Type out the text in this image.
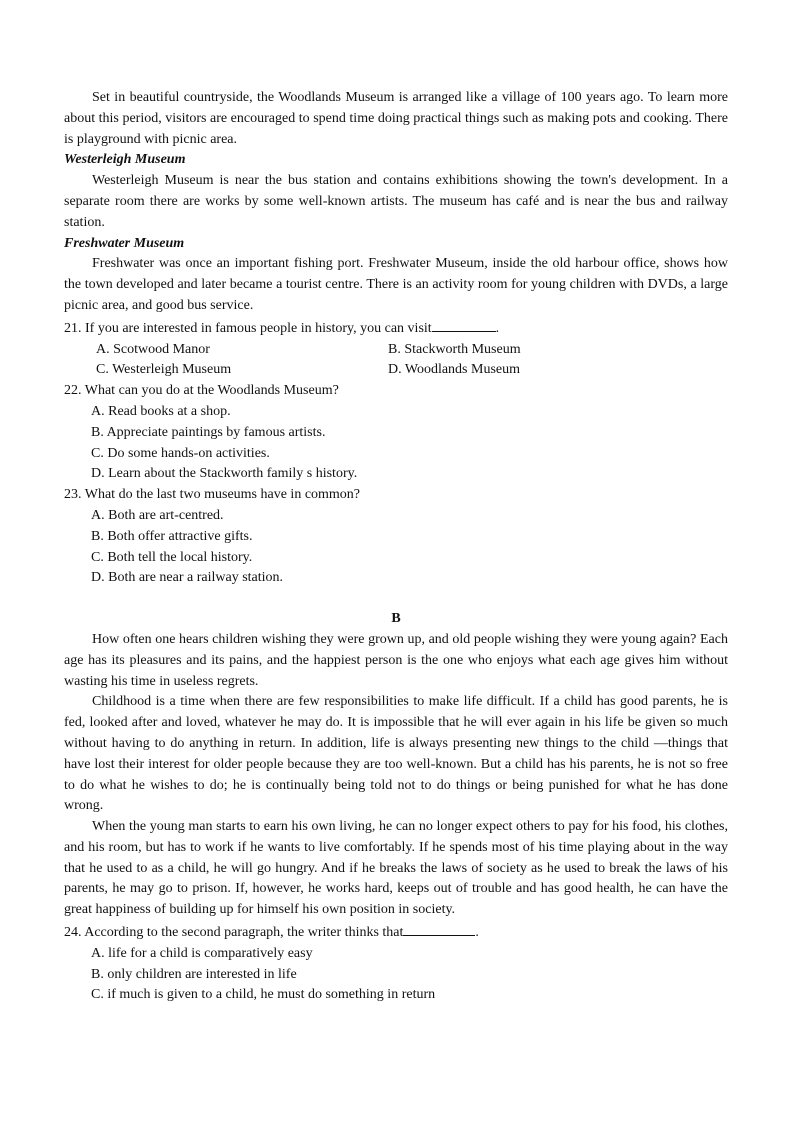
Set in beautiful countryside, the Woodlands Museum is arranged like a village of 100 years ago. To learn more about this period, visitors are encouraged to spend time doing practical things such as making pots and cooking. There is playground with picnic area.

Westerleigh Museum

Westerleigh Museum is near the bus station and contains exhibitions showing the town's development. In a separate room there are works by some well-known artists. The museum has café and is near the bus and railway station.

Freshwater Museum

Freshwater was once an important fishing port. Freshwater Museum, inside the old harbour office, shows how the town developed and later became a tourist centre. There is an activity room for young children with DVDs, a large picnic area, and good bus service.

21. If you are interested in famous people in history, you can visit	.

A. Scotwood Manor	B. Stackworth Museum

C. Westerleigh Museum	D. Woodlands Museum

22. What can you do at the Woodlands Museum?

A. Read books at a shop.

B. Appreciate paintings by famous artists.

C. Do some hands-on activities.

D. Learn about the Stackworth family s history.

23. What do the last two museums have in common?

A. Both are art-centred.

B. Both offer attractive gifts.

C. Both tell the local history.

D. Both are near a railway station.

B

How often one hears children wishing they were grown up, and old people wishing they were young again? Each age has its pleasures and its pains, and the happiest person is the one who enjoys what each age gives him without wasting his time in useless regrets.

Childhood is a time when there are few responsibilities to make life difficult. If a child has good parents, he is fed, looked after and loved, whatever he may do. It is impossible that he will ever again in his life be given so much without having to do anything in return. In addition, life is always presenting new things to the child —things that have lost their interest for older people because they are too well-known. But a child has his parents, he is not so free to do what he wishes to do; he is continually being told not to do things or being punished for what he has done wrong.

When the young man starts to earn his own living, he can no longer expect others to pay for his food, his clothes, and his room, but has to work if he wants to live comfortably. If he spends most of his time playing about in the way that he used to as a child, he will go hungry. And if he breaks the laws of society as he used to break the laws of his parents, he may go to prison. If, however, he works hard, keeps out of trouble and has good health, he can have the great happiness of building up for himself his own position in society.

24. According to the second paragraph, the writer thinks that	.

A. life for a child is comparatively easy

B. only children are interested in life

C. if much is given to a child, he must do something in return
